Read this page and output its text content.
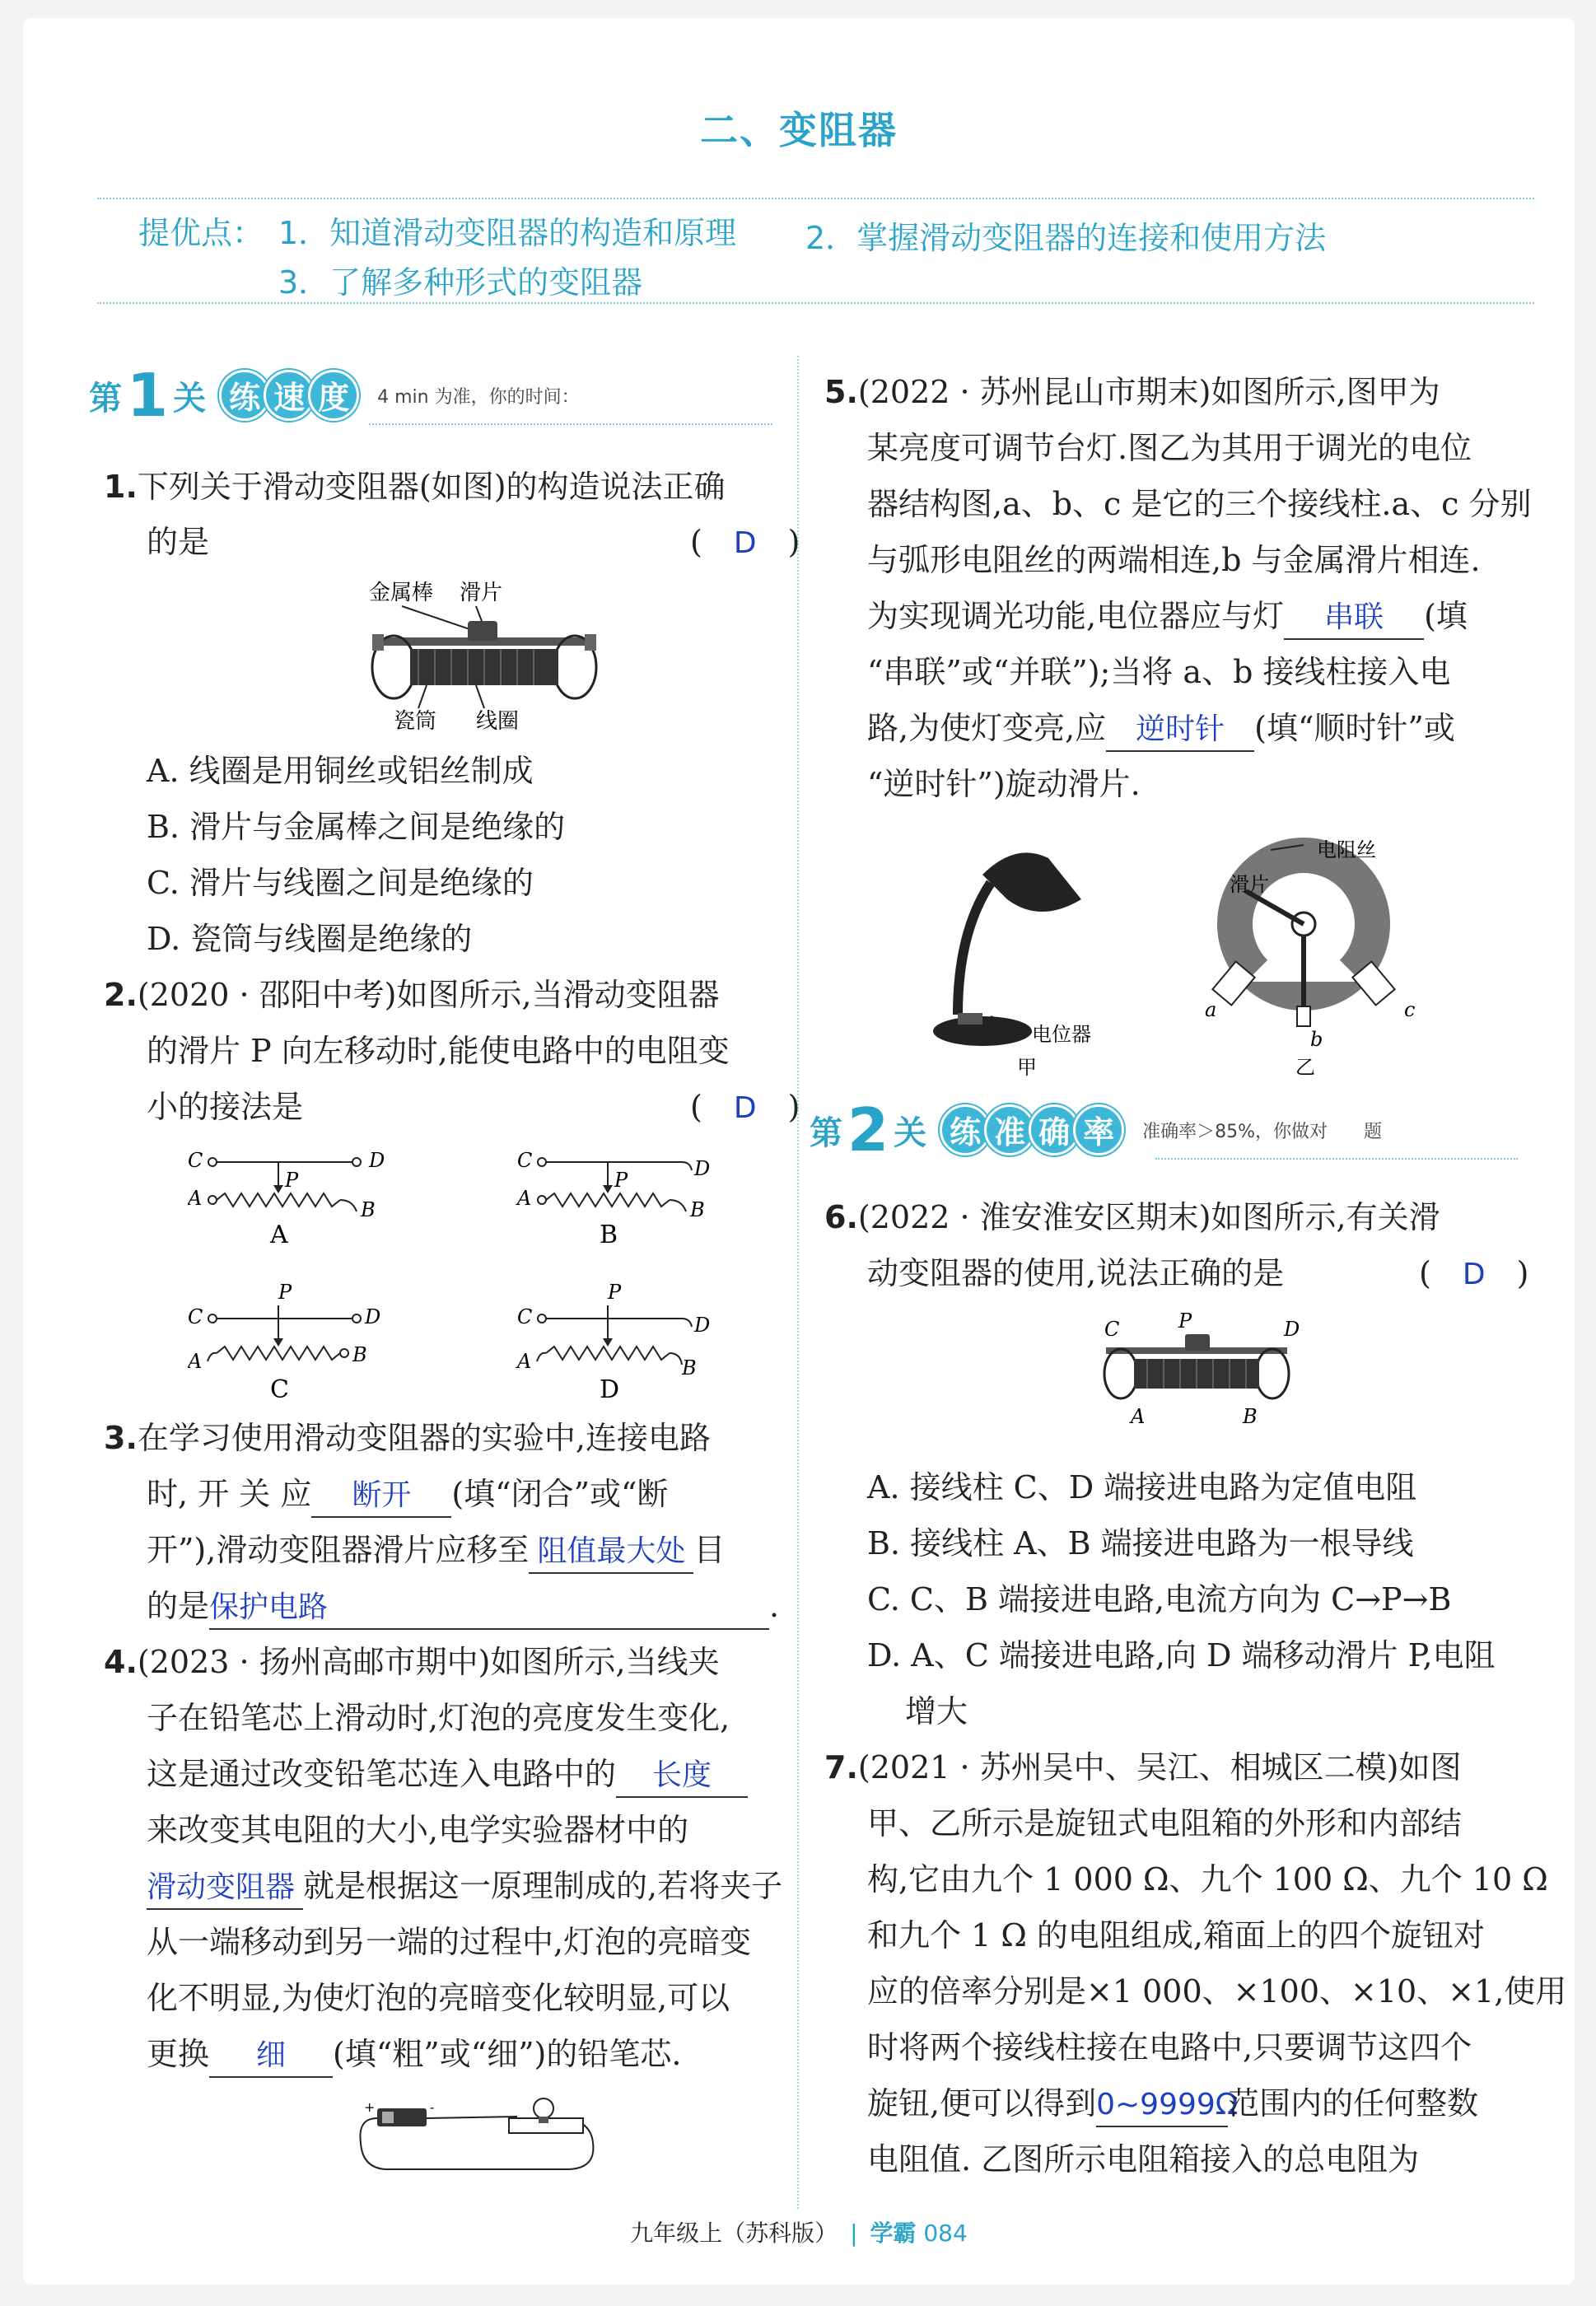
二、变阻器
提优点： 1．知道滑动变阻器的构造和原理 2．掌握滑动变阻器的连接和使用方法
3．了解多种形式的变阻器
第 1 关 练 速 度	4 min 为准，你的时间：
1.下列关于滑动变阻器(如图)的构造说法正确
的是	(　D　)
金属棒 滑片
瓷筒 线圈
A. 线圈是用铜丝或铝丝制成
B. 滑片与金属棒之间是绝缘的
C. 滑片与线圈之间是绝缘的
D. 瓷筒与线圈是绝缘的
2.(2020 · 邵阳中考)如图所示,当滑动变阻器
的滑片 P 向左移动时,能使电路中的电阻变
小的接法是	(　D　)
C	D
P
A	B
A
C	D
P
A	B
B
P
C	D
A	B
C
P
C	D
A	B
D
3.在学习使用滑动变阻器的实验中,连接电路
时, 开 关 应 断开 (填“闭合”或“断
开”),滑动变阻器滑片应移至 阻值最大处 目
的是保护电路	.
4.(2023 · 扬州高邮市期中)如图所示,当线夹
子在铅笔芯上滑动时,灯泡的亮度发生变化,
这是通过改变铅笔芯连入电路中的 长度
来改变其电阻的大小,电学实验器材中的
滑动变阻器 就是根据这一原理制成的,若将夹子
从一端移动到另一端的过程中,灯泡的亮暗变
化不明显,为使灯泡的亮暗变化较明显,可以
更换 细 (填“粗”或“细”)的铅笔芯.
+	-
5.(2022 · 苏州昆山市期末)如图所示,图甲为
某亮度可调节台灯.图乙为其用于调光的电位
器结构图,a、b、c 是它的三个接线柱.a、c 分别
与弧形电阻丝的两端相连,b 与金属滑片相连.
为实现调光功能,电位器应与灯 串联 (填
“串联”或“并联”);当将 a、b 接线柱接入电
路,为使灯变亮,应 逆时针 (填“顺时针”或
“逆时针”)旋动滑片.
电位器
甲
滑片
电阻丝
a
b
c
乙
第 2 关 练 准 确 率	准确率＞85%，你做对　　题
6.(2022 · 淮安淮安区期末)如图所示,有关滑
动变阻器的使用,说法正确的是	(　D　)
C	P	D
A	B
A. 接线柱 C、D 端接进电路为定值电阻
B. 接线柱 A、B 端接进电路为一根导线
C. C、B 端接进电路,电流方向为 C→P→B
D. A、C 端接进电路,向 D 端移动滑片 P,电阻
增大
7.(2021 · 苏州吴中、吴江、相城区二模)如图
甲、乙所示是旋钮式电阻箱的外形和内部结
构,它由九个 1 000 Ω、九个 100 Ω、九个 10 Ω
和九个 1 Ω 的电阻组成,箱面上的四个旋钮对
应的倍率分别是×1 000、×100、×10、×1,使用
时将两个接线柱接在电路中,只要调节这四个
旋钮,便可以得到0~9999Ω范围内的任何整数
电阻值. 乙图所示电阻箱接入的总电阻为
九年级上（苏科版） | 学霸 084
